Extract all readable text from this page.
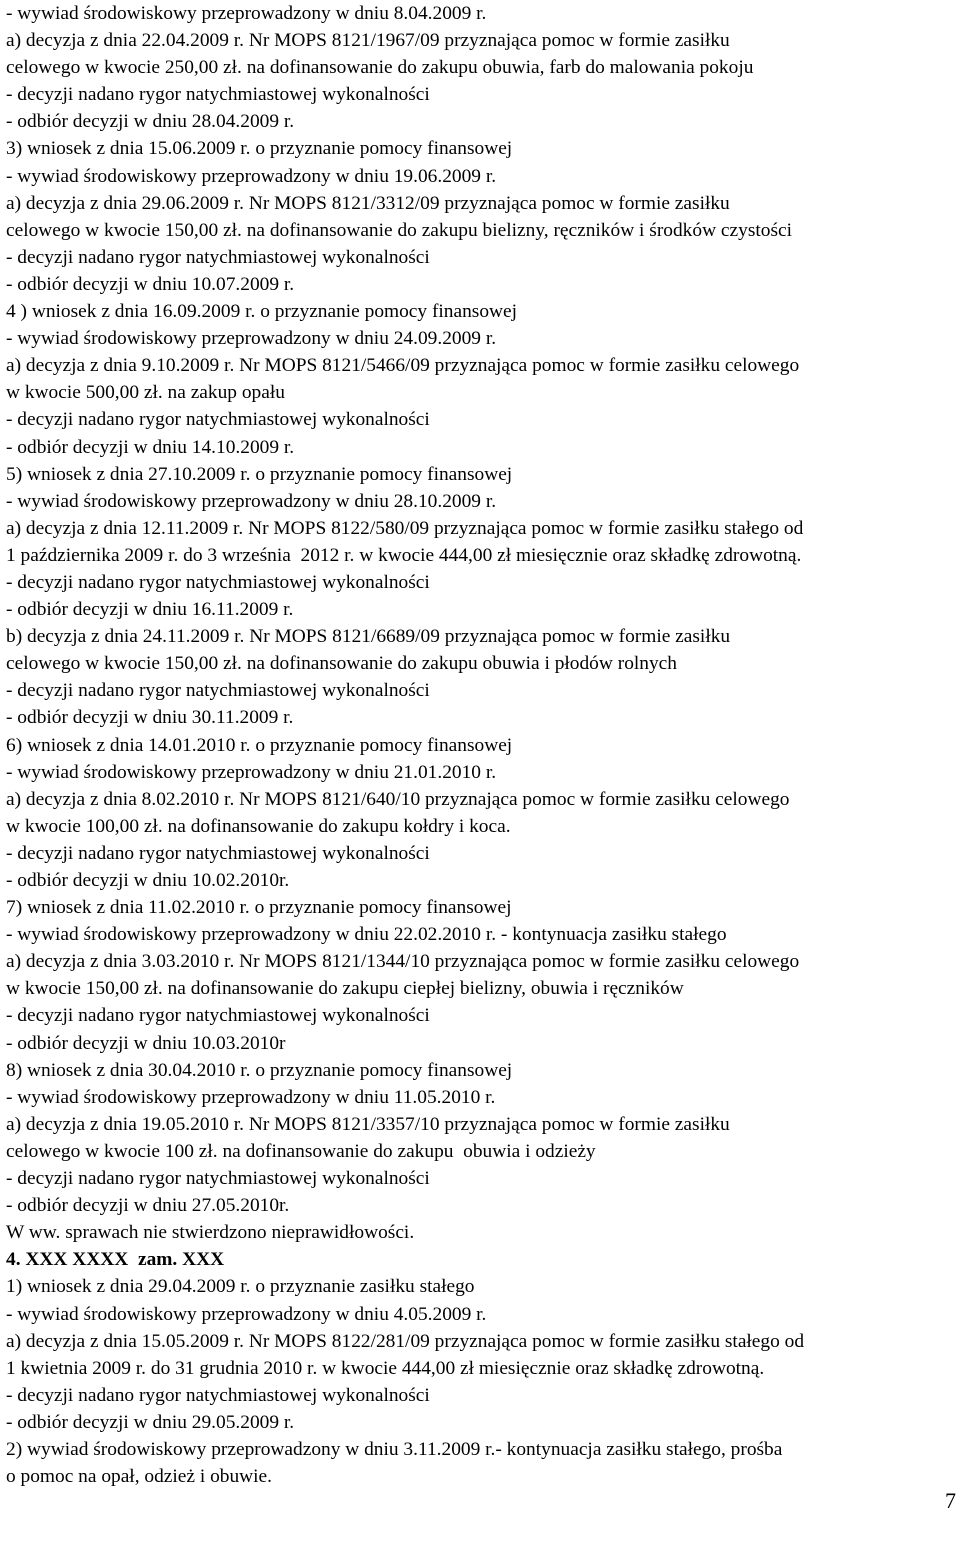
- wywiad środowiskowy przeprowadzony w dniu 8.04.2009 r.
a) decyzja z dnia 22.04.2009 r. Nr MOPS 8121/1967/09 przyznająca pomoc w formie zasiłku
celowego w kwocie 250,00 zł. na dofinansowanie do zakupu obuwia, farb do malowania pokoju
- decyzji nadano rygor natychmiastowej wykonalności
- odbiór decyzji w dniu 28.04.2009 r.
3) wniosek z dnia 15.06.2009 r. o przyznanie pomocy finansowej
- wywiad środowiskowy przeprowadzony w dniu 19.06.2009 r.
a) decyzja z dnia 29.06.2009 r. Nr MOPS 8121/3312/09 przyznająca pomoc w formie zasiłku
celowego w kwocie 150,00 zł. na dofinansowanie do zakupu bielizny, ręczników i środków czystości
- decyzji nadano rygor natychmiastowej wykonalności
- odbiór decyzji w dniu 10.07.2009 r.
4 ) wniosek z dnia 16.09.2009 r. o przyznanie pomocy finansowej
- wywiad środowiskowy przeprowadzony w dniu 24.09.2009 r.
a) decyzja z dnia 9.10.2009 r. Nr MOPS 8121/5466/09 przyznająca pomoc w formie zasiłku celowego
w kwocie 500,00 zł. na zakup opału
- decyzji nadano rygor natychmiastowej wykonalności
- odbiór decyzji w dniu 14.10.2009 r.
5) wniosek z dnia 27.10.2009 r. o przyznanie pomocy finansowej
- wywiad środowiskowy przeprowadzony w dniu 28.10.2009 r.
a) decyzja z dnia 12.11.2009 r. Nr MOPS 8122/580/09 przyznająca pomoc w formie zasiłku stałego od
1 października 2009 r. do 3 września  2012 r. w kwocie 444,00 zł miesięcznie oraz składkę zdrowotną.
- decyzji nadano rygor natychmiastowej wykonalności
- odbiór decyzji w dniu 16.11.2009 r.
b) decyzja z dnia 24.11.2009 r. Nr MOPS 8121/6689/09 przyznająca pomoc w formie zasiłku
celowego w kwocie 150,00 zł. na dofinansowanie do zakupu obuwia i płodów rolnych
- decyzji nadano rygor natychmiastowej wykonalności
- odbiór decyzji w dniu 30.11.2009 r.
6) wniosek z dnia 14.01.2010 r. o przyznanie pomocy finansowej
- wywiad środowiskowy przeprowadzony w dniu 21.01.2010 r.
a) decyzja z dnia 8.02.2010 r. Nr MOPS 8121/640/10 przyznająca pomoc w formie zasiłku celowego
w kwocie 100,00 zł. na dofinansowanie do zakupu kołdry i koca.
- decyzji nadano rygor natychmiastowej wykonalności
- odbiór decyzji w dniu 10.02.2010r.
7) wniosek z dnia 11.02.2010 r. o przyznanie pomocy finansowej
- wywiad środowiskowy przeprowadzony w dniu 22.02.2010 r. - kontynuacja zasiłku stałego
a) decyzja z dnia 3.03.2010 r. Nr MOPS 8121/1344/10 przyznająca pomoc w formie zasiłku celowego
w kwocie 150,00 zł. na dofinansowanie do zakupu ciepłej bielizny, obuwia i ręczników
- decyzji nadano rygor natychmiastowej wykonalności
- odbiór decyzji w dniu 10.03.2010r
8) wniosek z dnia 30.04.2010 r. o przyznanie pomocy finansowej
- wywiad środowiskowy przeprowadzony w dniu 11.05.2010 r.
a) decyzja z dnia 19.05.2010 r. Nr MOPS 8121/3357/10 przyznająca pomoc w formie zasiłku
celowego w kwocie 100 zł. na dofinansowanie do zakupu  obuwia i odzieży
- decyzji nadano rygor natychmiastowej wykonalności
- odbiór decyzji w dniu 27.05.2010r.
W ww. sprawach nie stwierdzono nieprawidłowości.
4. XXX XXXX  zam. XXX
1) wniosek z dnia 29.04.2009 r. o przyznanie zasiłku stałego
- wywiad środowiskowy przeprowadzony w dniu 4.05.2009 r.
a) decyzja z dnia 15.05.2009 r. Nr MOPS 8122/281/09 przyznająca pomoc w formie zasiłku stałego od
1 kwietnia 2009 r. do 31 grudnia 2010 r. w kwocie 444,00 zł miesięcznie oraz składkę zdrowotną.
- decyzji nadano rygor natychmiastowej wykonalności
- odbiór decyzji w dniu 29.05.2009 r.
2) wywiad środowiskowy przeprowadzony w dniu 3.11.2009 r.- kontynuacja zasiłku stałego, prośba
o pomoc na opał, odzież i obuwie.
7
